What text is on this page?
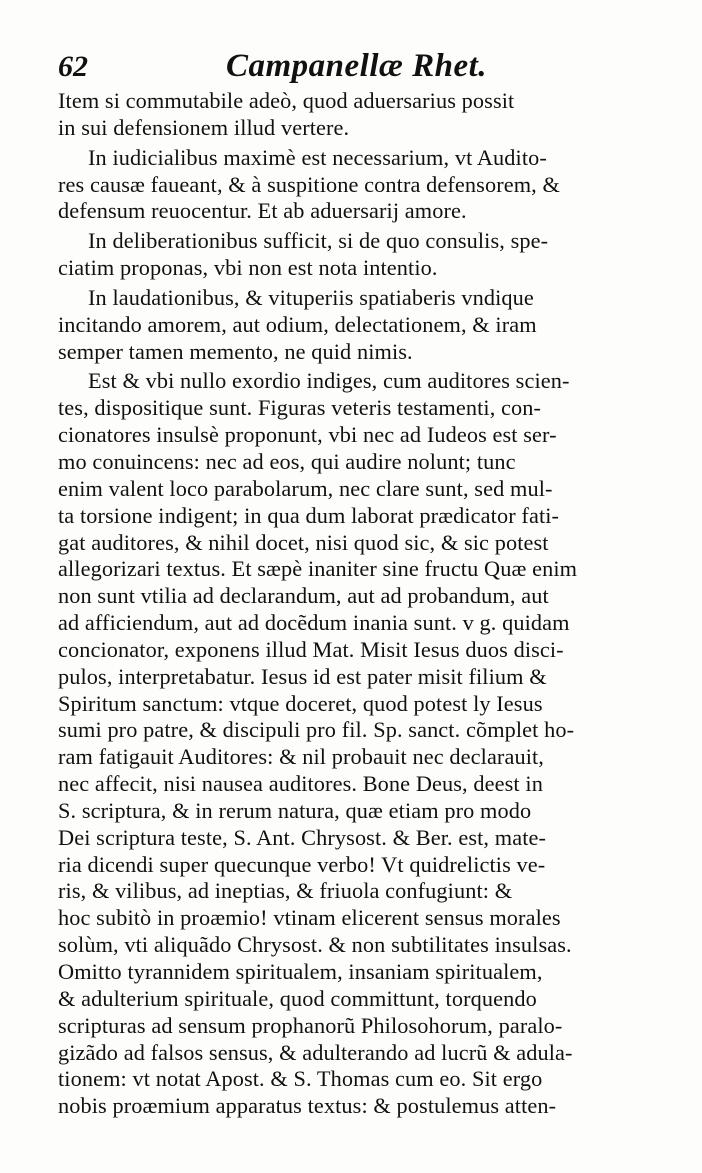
62	Campanellæ Rhet.
Item si commutabile adeò, quod aduersarius possit
in sui defensionem illud vertere.
In iudicialibus maximè est necessarium, vt Audito-
res causæ faueant, & à suspitione contra defensorem, &
defensum reuocentur. Et ab aduersarij amore.
In deliberationibus sufficit, si de quo consulis, spe-
ciatim proponas, vbi non est nota intentio.
In laudationibus, & vituperiis spatiaberis vndique
incitando amorem, aut odium, delectationem, & iram
semper tamen memento, ne quid nimis.
Est & vbi nullo exordio indiges, cum auditores scien-
tes, dispositique sunt. Figuras veteris testamenti, con-
cionatores insulsè proponunt, vbi nec ad Iudeos est ser-
mo conuincens: nec ad eos, qui audire nolunt; tunc
enim valent loco parabolarum, nec clare sunt, sed mul-
ta torsione indigent; in qua dum laborat prædicator fati-
gat auditores, & nihil docet, nisi quod sic, & sic potest
allegorizari textus. Et sæpè inaniter sine fructu Quæ enim
non sunt vtilia ad declarandum, aut ad probandum, aut
ad afficiendum, aut ad docẽdum inania sunt. v g. quidam
concionator, exponens illud Mat. Misit Iesus duos disci-
pulos, interpretabatur. Iesus id est pater misit filium &
Spiritum sanctum: vtque doceret, quod potest ly Iesus
sumi pro patre, & discipuli pro fil. Sp. sanct. cõmplet ho-
ram fatigauit Auditores: & nil probauit nec declarauit,
nec affecit, nisi nausea auditores. Bone Deus, deest in
S. scriptura, & in rerum natura, quæ etiam pro modo
Dei scriptura teste, S. Ant. Chrysost. & Ber. est, mate-
ria dicendi super quecunque verbo! Vt quidrelictis ve-
ris, & vilibus, ad ineptias, & friuola confugiunt: &
hoc subitò in proæmio! vtinam elicerent sensus morales
solùm, vti aliquãdo Chrysost. & non subtilitates insulsas.
Omitto tyrannidem spiritualem, insaniam spiritualem,
& adulterium spirituale, quod committunt, torquendo
scripturas ad sensum prophanorũ Philosohorum, paralo-
gizãdo ad falsos sensus, & adulterando ad lucrũ & adula-
tionem: vt notat Apost. & S. Thomas cum eo. Sit ergo
nobis proæmium apparatus textus: & postulemus atten-
